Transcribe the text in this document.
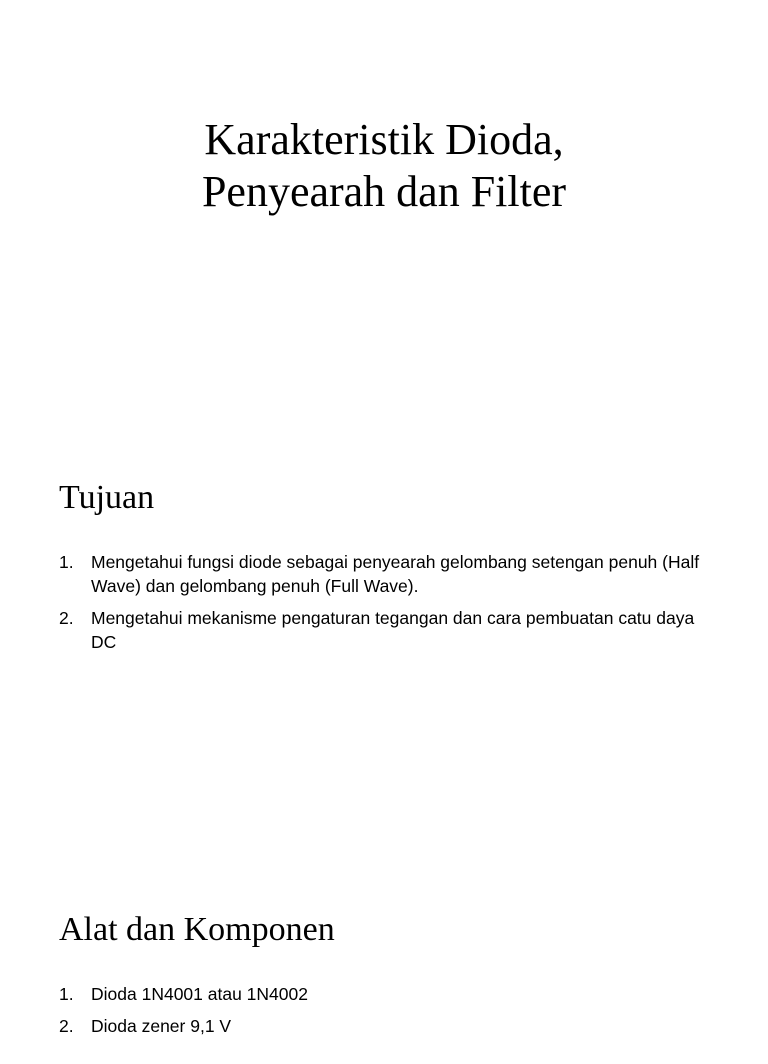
Karakteristik Dioda,
Penyearah dan Filter
Tujuan
1. Mengetahui fungsi diode sebagai penyearah gelombang setengan penuh (Half Wave) dan gelombang penuh (Full Wave).
2. Mengetahui mekanisme pengaturan tegangan dan cara pembuatan catu daya DC
Alat dan Komponen
1. Dioda 1N4001 atau 1N4002
2. Dioda zener 9,1 V
